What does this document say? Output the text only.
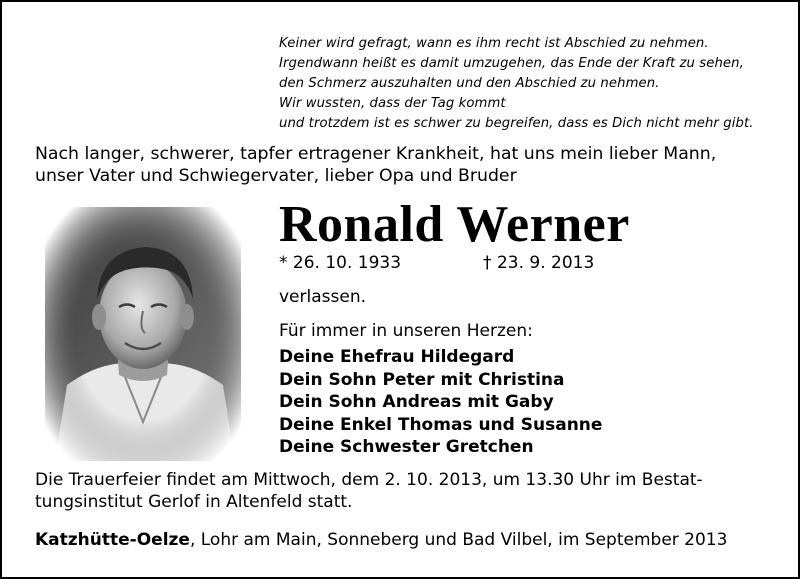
Keiner wird gefragt, wann es ihm recht ist Abschied zu nehmen.
Irgendwann heißt es damit umzugehen, das Ende der Kraft zu sehen,
den Schmerz auszuhalten und den Abschied zu nehmen.
Wir wussten, dass der Tag kommt
und trotzdem ist es schwer zu begreifen, dass es Dich nicht mehr gibt.
Nach langer, schwerer, tapfer ertragener Krankheit, hat uns mein lieber Mann,
unser Vater und Schwiegervater, lieber Opa und Bruder
Ronald Werner
* 26. 10. 1933	† 23. 9. 2013
verlassen.
Für immer in unseren Herzen:
Deine Ehefrau Hildegard
Dein Sohn Peter mit Christina
Dein Sohn Andreas mit Gaby
Deine Enkel Thomas und Susanne
Deine Schwester Gretchen
Die Trauerfeier findet am Mittwoch, dem 2. 10. 2013, um 13.30 Uhr im Bestat-
tungsinstitut Gerlof in Altenfeld statt.
Katzhütte-Oelze, Lohr am Main, Sonneberg und Bad Vilbel, im September 2013
